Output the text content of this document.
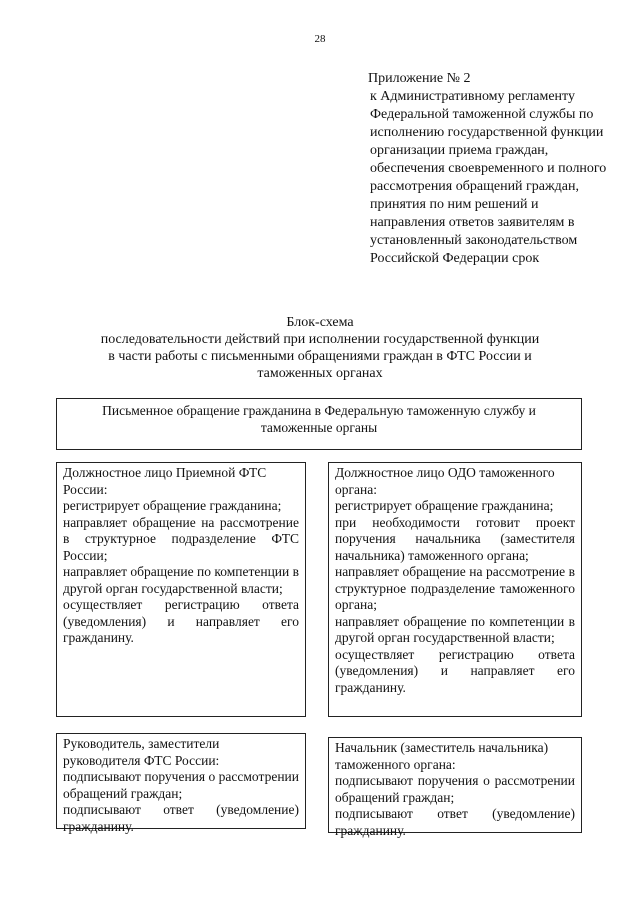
28
Приложение № 2
к Административному регламенту Федеральной таможенной службы по исполнению государственной функции организации приема граждан, обеспечения своевременного и полного рассмотрения обращений граждан, принятия по ним решений и направления ответов заявителям в установленный законодательством Российской Федерации срок
Блок-схема
последовательности действий при исполнении государственной функции
в части работы с письменными обращениями граждан в ФТС России и
таможенных органах
Письменное обращение гражданина в Федеральную таможенную службу и таможенные органы
Должностное лицо Приемной ФТС России:
регистрирует обращение гражданина;
направляет обращение на рассмотрение в структурное подразделение ФТС России;
направляет обращение по компетенции в другой орган государственной власти;
осуществляет регистрацию ответа (уведомления) и направляет его гражданину.
Должностное лицо ОДО таможенного органа:
регистрирует обращение гражданина;
при необходимости готовит проект поручения начальника (заместителя начальника) таможенного органа;
направляет обращение на рассмотрение в структурное подразделение таможенного органа;
направляет обращение по компетенции в другой орган государственной власти;
осуществляет регистрацию ответа (уведомления) и направляет его гражданину.
Руководитель, заместители руководителя ФТС России:
подписывают поручения о рассмотрении обращений граждан;
подписывают ответ (уведомление) гражданину.
Начальник (заместитель начальника) таможенного органа:
подписывают поручения о рассмотрении обращений граждан;
подписывают ответ (уведомление) гражданину.
